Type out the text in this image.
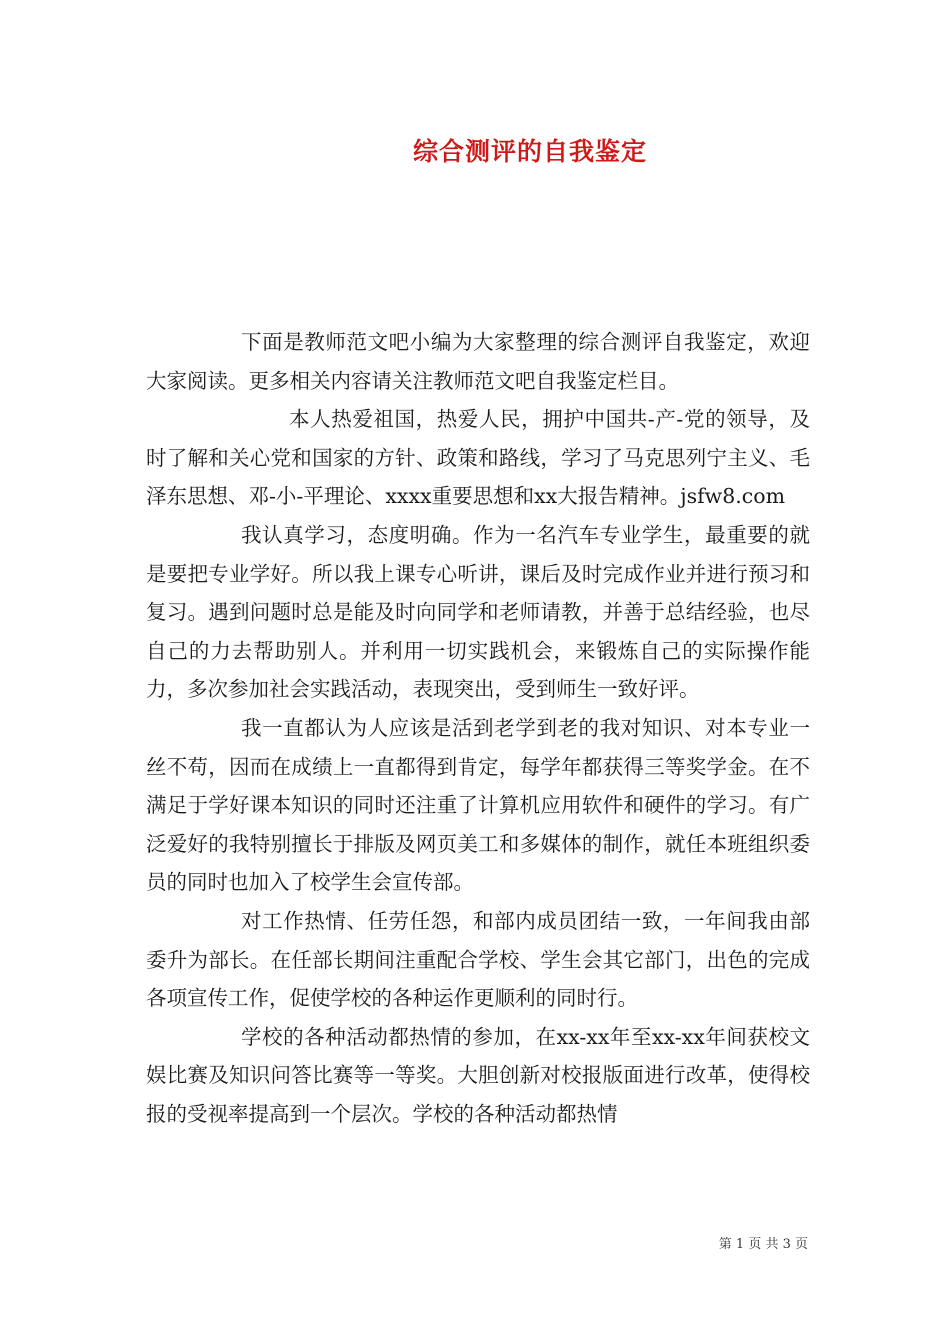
综合测评的自我鉴定

下面是教师范文吧小编为大家整理的综合测评自我鉴定，欢迎大家阅读。更多相关内容请关注教师范文吧自我鉴定栏目。

本人热爱祖国，热爱人民，拥护中国共-产-党的领导，及时了解和关心党和国家的方针、政策和路线，学习了马克思列宁主义、毛泽东思想、邓-小-平理论、xxxx重要思想和xx大报告精神。jsfw8.com

我认真学习，态度明确。作为一名汽车专业学生，最重要的就是要把专业学好。所以我上课专心听讲，课后及时完成作业并进行预习和复习。遇到问题时总是能及时向同学和老师请教，并善于总结经验，也尽自己的力去帮助别人。并利用一切实践机会，来锻炼自己的实际操作能力，多次参加社会实践活动，表现突出，受到师生一致好评。

我一直都认为人应该是活到老学到老的我对知识、对本专业一丝不苟，因而在成绩上一直都得到肯定，每学年都获得三等奖学金。在不满足于学好课本知识的同时还注重了计算机应用软件和硬件的学习。有广泛爱好的我特别擅长于排版及网页美工和多媒体的制作，就任本班组织委员的同时也加入了校学生会宣传部。

对工作热情、任劳任怨，和部内成员团结一致，一年间我由部委升为部长。在任部长期间注重配合学校、学生会其它部门，出色的完成各项宣传工作，促使学校的各种运作更顺利的同时行。

学校的各种活动都热情的参加，在xx-xx年至xx-xx年间获校文娱比赛及知识问答比赛等一等奖。大胆创新对校报版面进行改革，使得校报的受视率提高到一个层次。学校的各种活动都热情

第 1 页 共 3 页
